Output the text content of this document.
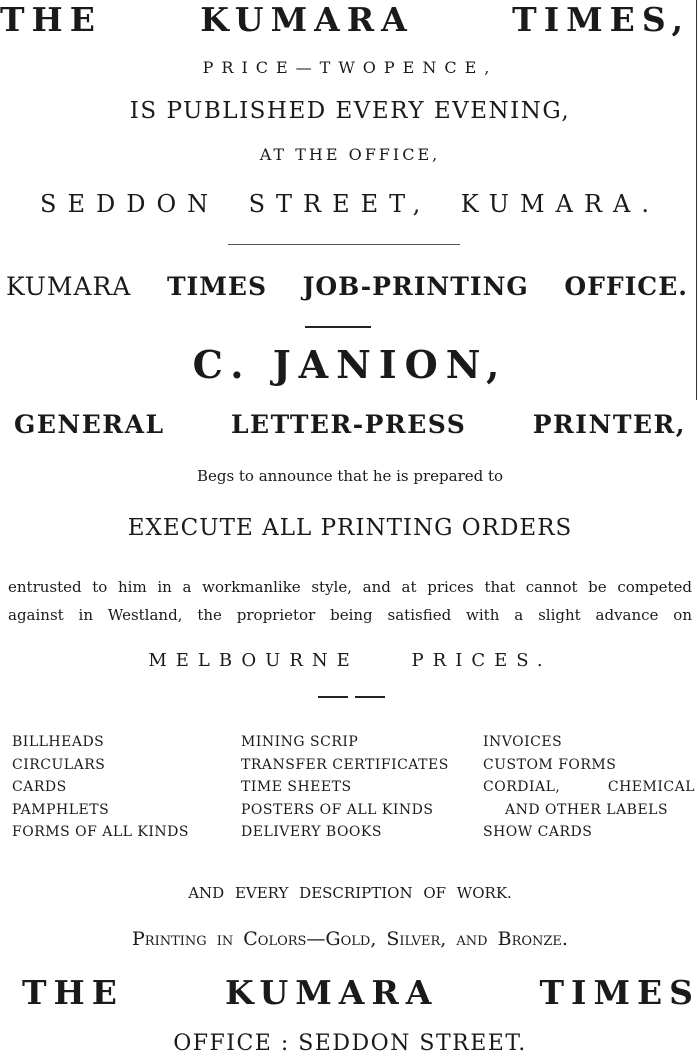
THE	KUMARA	TIMES,
PRICE—TWOPENCE,
IS PUBLISHED EVERY EVENING,
AT THE OFFICE,
SEDDON STREET, KUMARA.
KUMARA TIMES JOB-PRINTING OFFICE.
C. JANION,
GENERAL	LETTER-PRESS	PRINTER,
Begs to announce that he is prepared to
EXECUTE ALL PRINTING ORDERS
entrusted to him in a workmanlike style, and at prices that cannot be competed
against in Westland, the proprietor being satisfied with a slight advance on
MELBOURNE	PRICES.
BILLHEADS
CIRCULARS
CARDS
PAMPHLETS
FORMS OF ALL KINDS
MINING SCRIP
TRANSFER CERTIFICATES
TIME SHEETS
POSTERS OF ALL KINDS
DELIVERY BOOKS
INVOICES
CUSTOM FORMS
CORDIAL,	CHEMICAL
AND OTHER LABELS
SHOW CARDS
AND EVERY DESCRIPTION OF WORK.
Printing in Colors—Gold, Silver, and Bronze.
THE	KUMARA	TIMES
OFFICE : SEDDON STREET.
